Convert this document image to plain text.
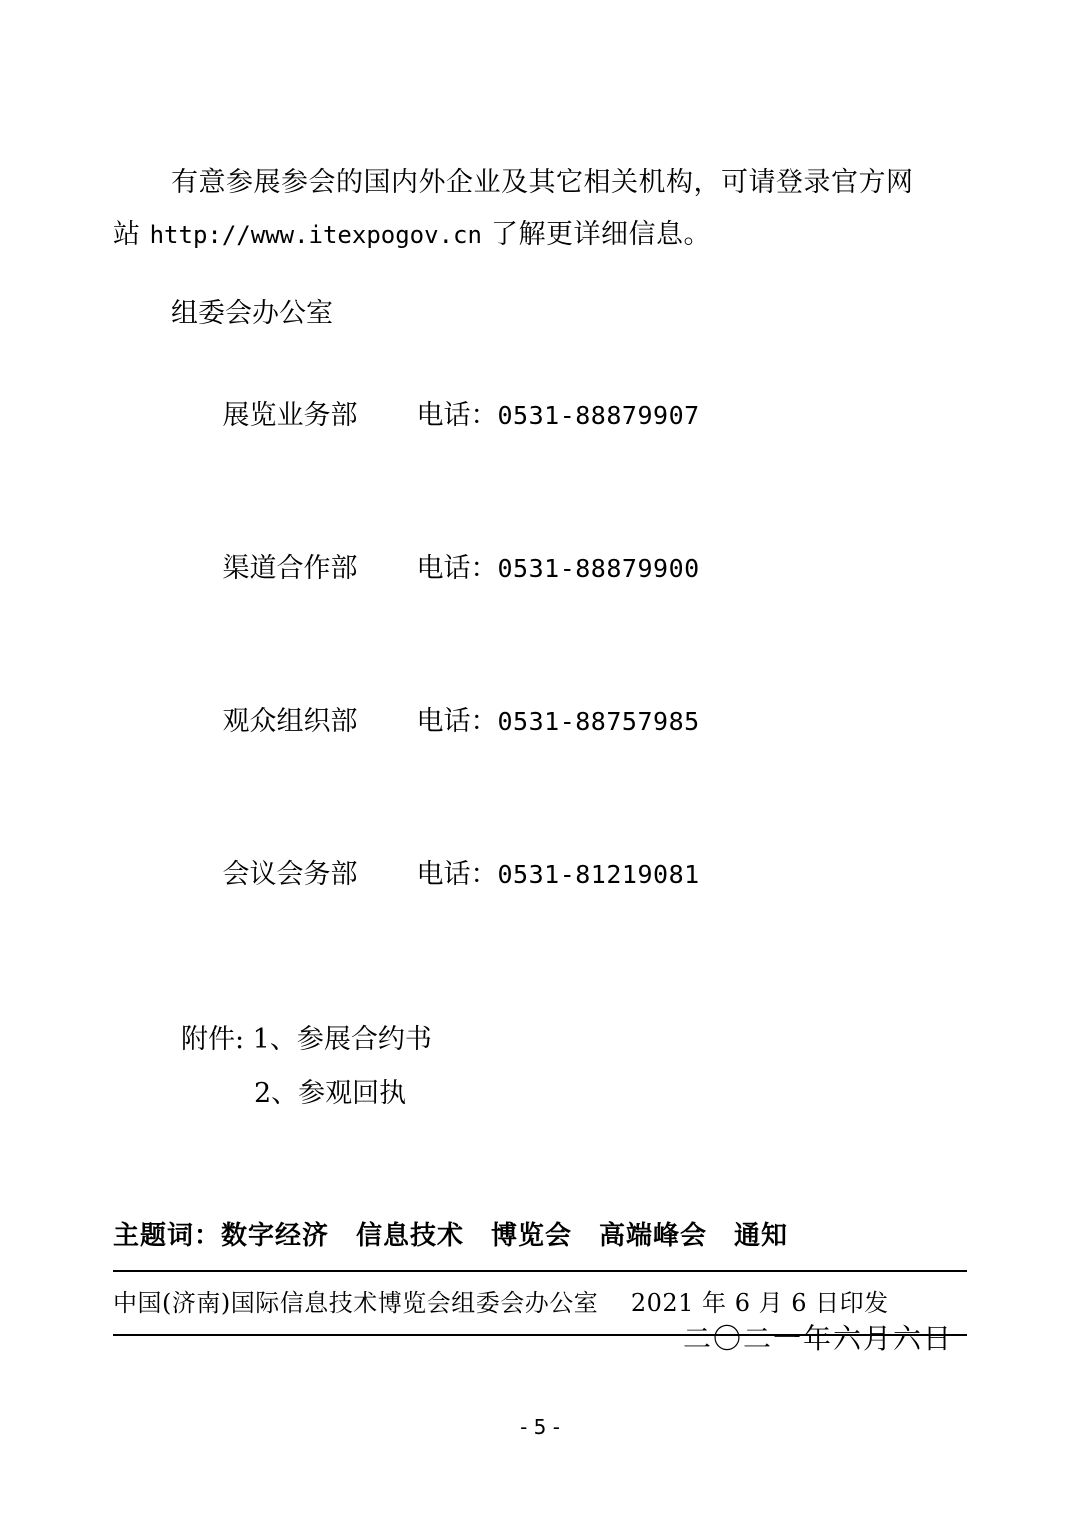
有意参展参会的国内外企业及其它相关机构，可请登录官方网
站 http://www.itexpogov.cn 了解更详细信息。

组委会办公室

展览业务部 电话：0531-88879907

渠道合作部 电话：0531-88879900

观众组织部 电话：0531-88757985

会议会务部 电话：0531-81219081

附件: 1、参展合约书
2、参观回执
二〇二一年六月六日
主题词：数字经济　信息技术　博览会　高端峰会　通知
中国(济南)国际信息技术博览会组委会办公室　 2021 年 6 月 6 日印发
- 5 -
